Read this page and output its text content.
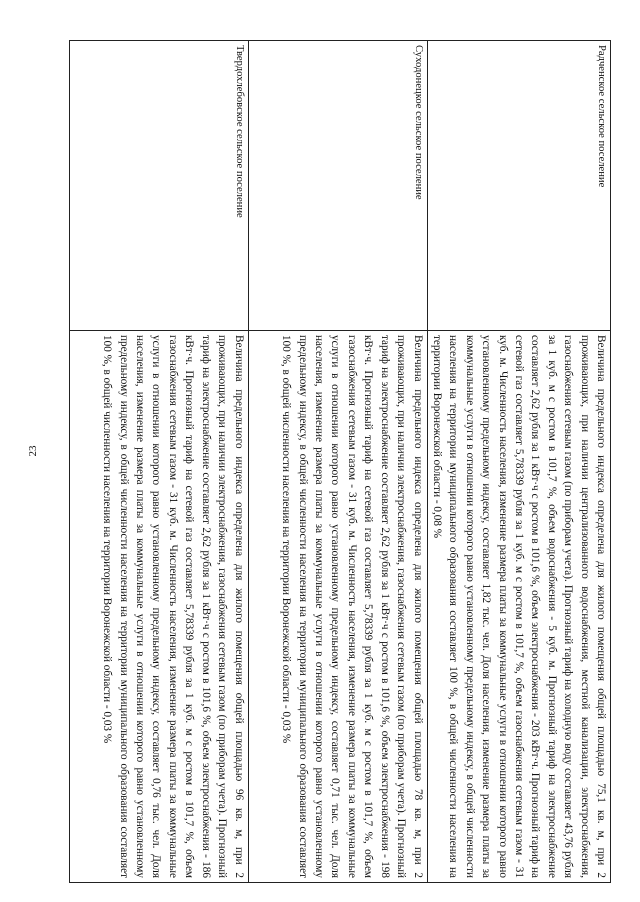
23
Радченское сельское поселение	Величина предельного индекса определена для жилого помещения общей площадью 75,1 кв. м, при 2 проживающих, при наличии централизованного водоснабжения, местной канализации, электроснабжения, газоснабжения сетевым газом (по приборам учета). Прогнозный тариф на холодную воду составляет 43,76 рубля за 1 куб. м с ростом в 101,7 %, объем водоснабжения - 5 куб. м. Прогнозный тариф на электроснабжение составляет 2,62 рубля за 1 кВт·ч с ростом в 101,6 %, объем электроснабжения - 203 кВт·ч. Прогнозный тариф на сетевой газ составляет 5,78339 рубля за 1 куб. м с ростом в 101,7 %, объем газоснабжения сетевым газом - 31 куб. м. Численность населения, изменение размера платы за коммунальные услуги в отношении которого равно установленному предельному индексу, составляет 1,82 тыс. чел. Доля населения, изменение размера платы за коммунальные услуги в отношении которого равно установленному предельному индексу, в общей численности населения на территории муниципального образования составляет 100 %, в общей численности населения на территории Воронежской области - 0,08 %
Суходонецкое сельское поселение	Величина предельного индекса определена для жилого помещения общей площадью 78 кв. м, при 2 проживающих, при наличии электроснабжения, газоснабжения сетевым газом (по приборам учета). Прогнозный тариф на электроснабжение составляет 2,62 рубля за 1 кВт·ч с ростом в 101,6 %, объем электроснабжения - 198 кВт·ч. Прогнозный тариф на сетевой газ составляет 5,78339 рубля за 1 куб. м с ростом в 101,7 %, объем газоснабжения сетевым газом - 31 куб. м. Численность населения, изменение размера платы за коммунальные услуги в отношении которого равно установленному предельному индексу, составляет 0,71 тыс. чел. Доля населения, изменение размера платы за коммунальные услуги в отношении которого равно установленному предельному индексу, в общей численности населения на территории муниципального образования составляет 100 %, в общей численности населения на территории Воронежской области - 0,03 %
Твердохлебовское сельское поселение	Величина предельного индекса определена для жилого помещения общей площадью 96 кв. м, при 2 проживающих, при наличии электроснабжения, газоснабжения сетевым газом (по приборам учета). Прогнозный тариф на электроснабжение составляет 2,62 рубля за 1 кВт·ч с ростом в 101,6 %, объем электроснабжения - 186 кВт·ч. Прогнозный тариф на сетевой газ составляет 5,78339 рубля за 1 куб. м с ростом в 101,7 %, объем газоснабжения сетевым газом - 31 куб. м. Численность населения, изменение размера платы за коммунальные услуги в отношении которого равно установленному предельному индексу, составляет 0,76 тыс. чел. Доля населения, изменение размера платы за коммунальные услуги в отношении которого равно установленному предельному индексу, в общей численности населения на территории муниципального образования составляет 100 %, в общей численности населения на территории Воронежской области - 0,03 %
